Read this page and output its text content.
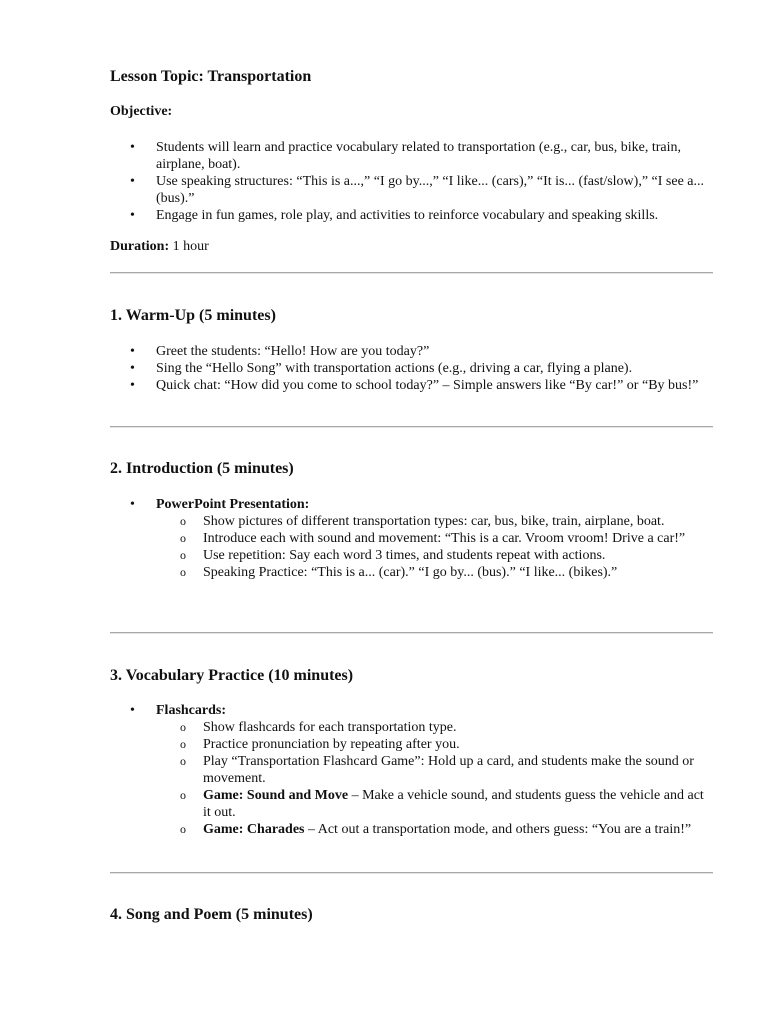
Lesson Topic: Transportation
Objective:
• Students will learn and practice vocabulary related to transportation (e.g., car, bus, bike, train, airplane, boat).
• Use speaking structures: “This is a...,” “I go by...,” “I like... (cars),” “It is... (fast/slow),” “I see a... (bus).”
• Engage in fun games, role play, and activities to reinforce vocabulary and speaking skills.
Duration: 1 hour
1. Warm-Up (5 minutes)
• Greet the students: “Hello! How are you today?”
• Sing the “Hello Song” with transportation actions (e.g., driving a car, flying a plane).
• Quick chat: “How did you come to school today?” – Simple answers like “By car!” or “By bus!”
2. Introduction (5 minutes)
• PowerPoint Presentation:
o Show pictures of different transportation types: car, bus, bike, train, airplane, boat.
o Introduce each with sound and movement: “This is a car. Vroom vroom! Drive a car!”
o Use repetition: Say each word 3 times, and students repeat with actions.
o Speaking Practice: “This is a... (car).” “I go by... (bus).” “I like... (bikes).”
3. Vocabulary Practice (10 minutes)
• Flashcards:
o Show flashcards for each transportation type.
o Practice pronunciation by repeating after you.
o Play “Transportation Flashcard Game”: Hold up a card, and students make the sound or movement.
o Game: Sound and Move – Make a vehicle sound, and students guess the vehicle and act it out.
o Game: Charades – Act out a transportation mode, and others guess: “You are a train!”
4. Song and Poem (5 minutes)
